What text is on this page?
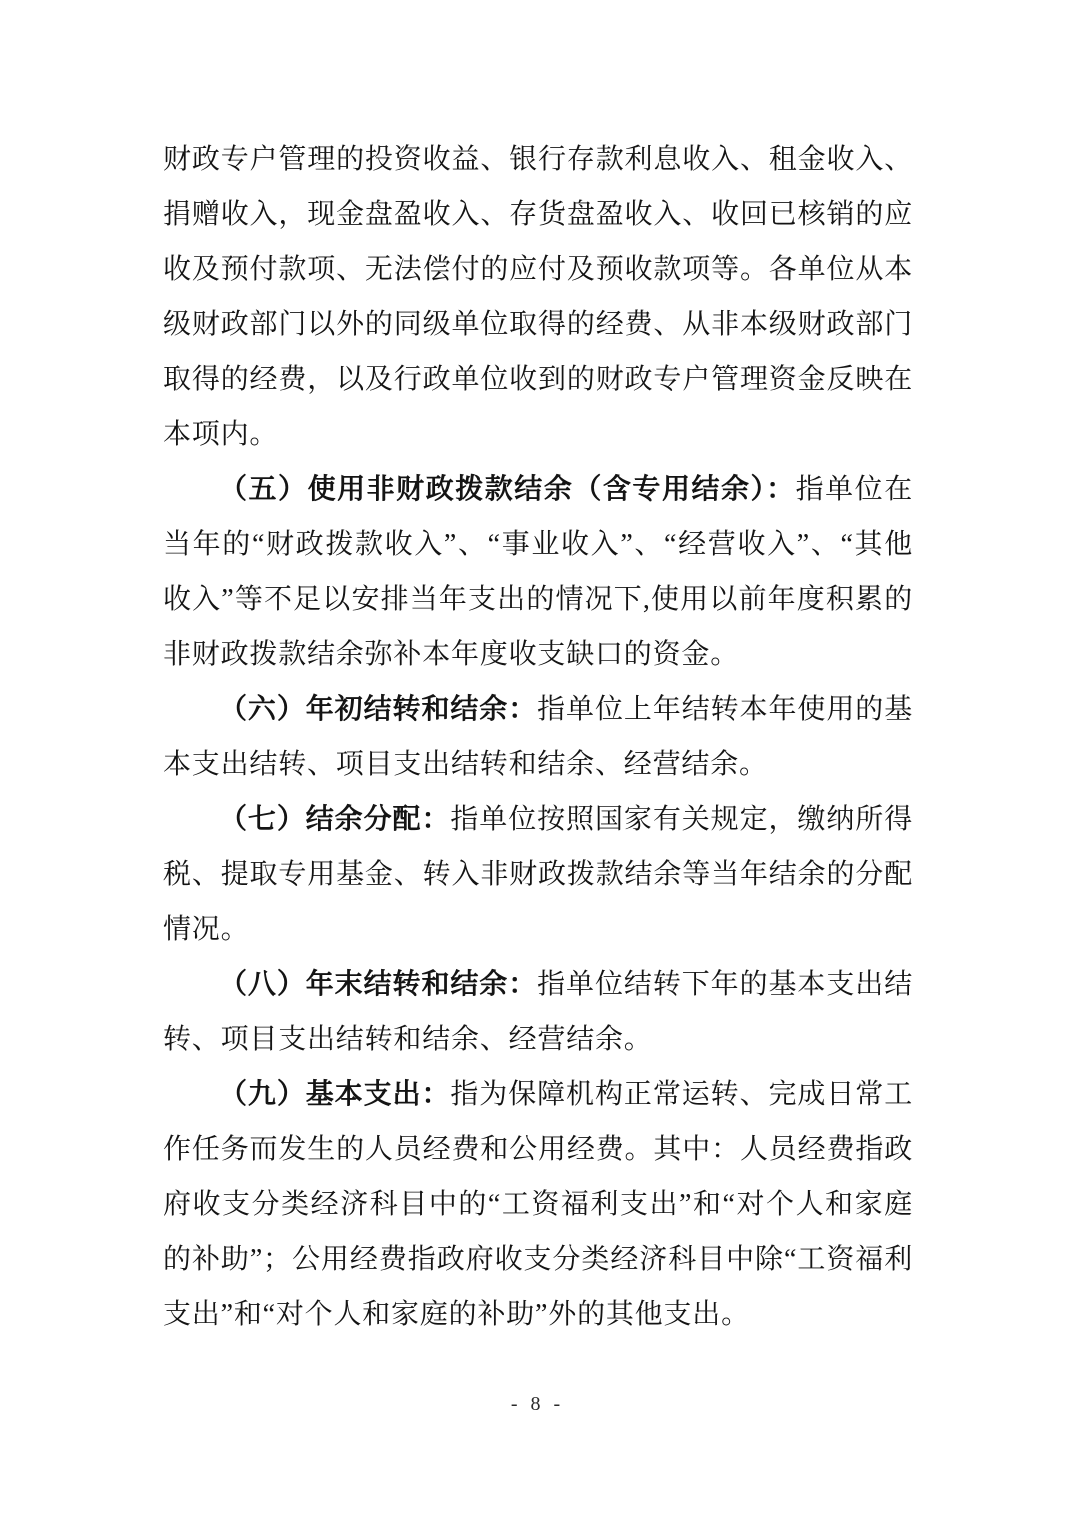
财政专户管理的投资收益、银行存款利息收入、租金收入、捐赠收入，现金盘盈收入、存货盘盈收入、收回已核销的应收及预付款项、无法偿付的应付及预收款项等。各单位从本级财政部门以外的同级单位取得的经费、从非本级财政部门取得的经费，以及行政单位收到的财政专户管理资金反映在本项内。

（五）使用非财政拨款结余（含专用结余）：指单位在当年的“财政拨款收入”、“事业收入”、“经营收入”、“其他收入”等不足以安排当年支出的情况下,使用以前年度积累的非财政拨款结余弥补本年度收支缺口的资金。

（六）年初结转和结余：指单位上年结转本年使用的基本支出结转、项目支出结转和结余、经营结余。

（七）结余分配：指单位按照国家有关规定，缴纳所得税、提取专用基金、转入非财政拨款结余等当年结余的分配情况。

（八）年末结转和结余：指单位结转下年的基本支出结转、项目支出结转和结余、经营结余。

（九）基本支出：指为保障机构正常运转、完成日常工作任务而发生的人员经费和公用经费。其中：人员经费指政府收支分类经济科目中的“工资福利支出”和“对个人和家庭的补助”；公用经费指政府收支分类经济科目中除“工资福利支出”和“对个人和家庭的补助”外的其他支出。

- 8 -
